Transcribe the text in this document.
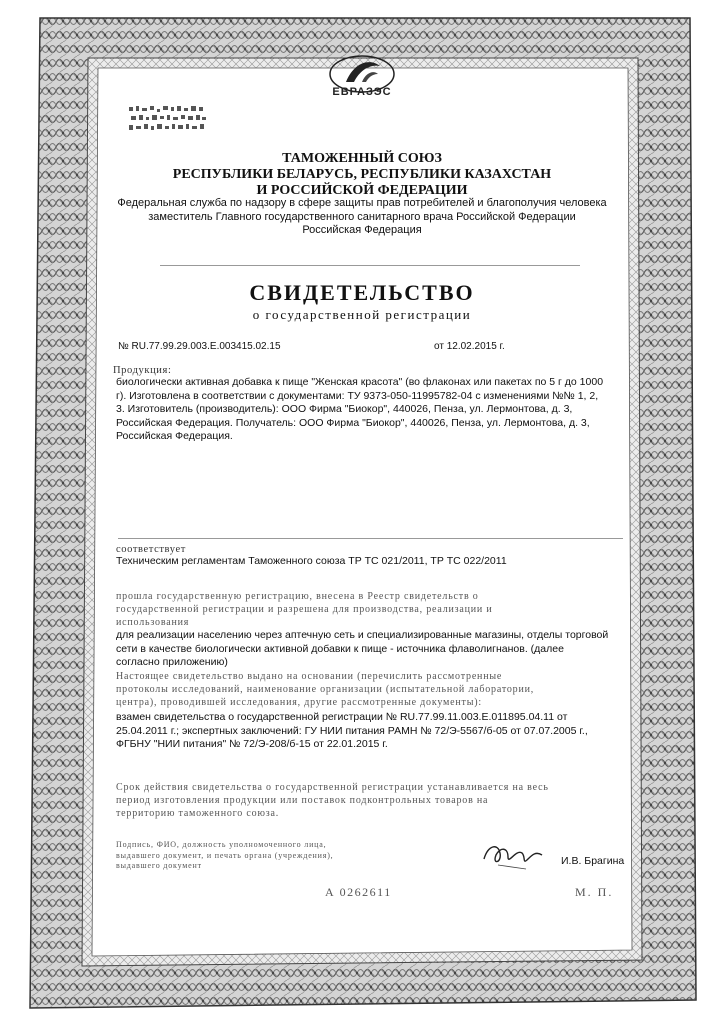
ЕВРАЗЭС
ТАМОЖЕННЫЙ СОЮЗ
РЕСПУБЛИКИ БЕЛАРУСЬ, РЕСПУБЛИКИ КАЗАХСТАН
И РОССИЙСКОЙ ФЕДЕРАЦИИ
Федеральная служба по надзору в сфере защиты прав потребителей и благополучия человека
заместитель Главного государственного санитарного врача Российской Федерации
Российская Федерация
СВИДЕТЕЛЬСТВО
о государственной регистрации
№ RU.77.99.29.003.Е.003415.02.15	от 12.02.2015 г.
Продукция:
биологически активная добавка к пище "Женская красота" (во флаконах или пакетах по 5 г до 1000
г). Изготовлена в соответствии с документами: ТУ 9373-050-11995782-04 с изменениями №№ 1, 2,
3. Изготовитель (производитель): ООО Фирма "Биокор", 440026, Пенза, ул. Лермонтова, д. 3,
Российская Федерация. Получатель: ООО Фирма "Биокор", 440026, Пенза, ул. Лермонтова, д. 3,
Российская Федерация.
соответствует
Техническим регламентам Таможенного союза ТР ТС 021/2011, ТР ТС 022/2011
прошла государственную регистрацию, внесена в Реестр свидетельств о
государственной регистрации и разрешена для производства, реализации и
использования
для реализации населению через аптечную сеть и специализированные магазины, отделы торговой
сети в качестве биологически активной добавки к пище - источника флаволигнанов. (далее
согласно приложению)
Настоящее свидетельство выдано на основании (перечислить рассмотренные
протоколы исследований, наименование организации (испытательной лаборатории,
центра), проводившей исследования, другие рассмотренные документы):
взамен свидетельства о государственной регистрации № RU.77.99.11.003.Е.011895.04.11 от
25.04.2011 г.; экспертных заключений: ГУ НИИ питания РАМН № 72/Э-5567/б-05 от 07.07.2005 г.,
ФГБНУ "НИИ питания" № 72/Э-208/б-15 от 22.01.2015 г.
Срок действия свидетельства о государственной регистрации устанавливается на весь
период изготовления продукции или поставок подконтрольных товаров на
территорию таможенного союза.
Подпись, ФИО, должность уполномоченного лица,
выдавшего документ, и печать органа (учреждения),
выдавшего документ	И.В. Брагина
А 0262611	М. П.
